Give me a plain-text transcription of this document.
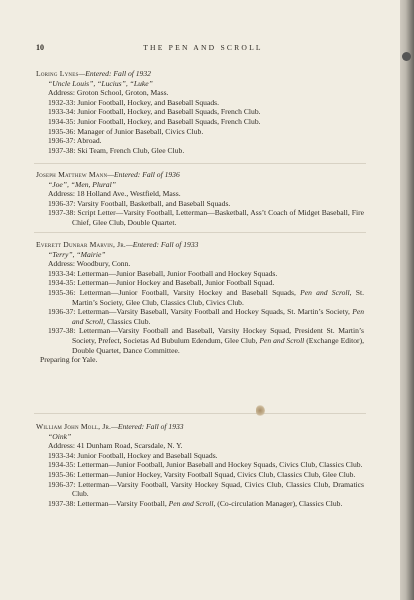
10	THE PEN AND SCROLL

Loring Lynes—Entered: Fall of 1932

“Uncle Louis”, “Lucius”, “Luke”

Address: Groton School, Groton, Mass.

1932-33: Junior Football, Hockey, and Baseball Squads.

1933-34: Junior Football, Hockey, and Baseball Squads, French Club.

1934-35: Junior Football, Hockey, and Baseball Squads, French Club.

1935-36: Manager of Junior Baseball, Civics Club.

1936-37: Abroad.

1937-38: Ski Team, French Club, Glee Club.

Joseph Matthew Mann—Entered: Fall of 1936

“Joe”, “Men, Plural”

Address: 18 Holland Ave., Westfield, Mass.

1936-37: Varsity Football, Basketball, and Baseball Squads.

1937-38: Script Letter—Varsity Football, Letterman—Basketball, Ass’t Coach of Midget Baseball, Fire Chief, Glee Club, Double Quartet.

Everett Dunbar Marvin, Jr.—Entered: Fall of 1933

“Terry”, “Mairie”

Address: Woodbury, Conn.

1933-34: Letterman—Junior Baseball, Junior Football and Hockey Squads.

1934-35: Letterman—Junior Hockey and Baseball, Junior Football Squad.

1935-36: Letterman—Junior Football, Varsity Hockey and Baseball Squads, Pen and Scroll, St. Martin’s Society, Glee Club, Classics Club, Civics Club.

1936-37: Letterman—Varsity Baseball, Varsity Football and Hockey Squads, St. Martin’s Society, Pen and Scroll, Classics Club.

1937-38: Letterman—Varsity Football and Baseball, Varsity Hockey Squad, President St. Martin’s Society, Prefect, Societas Ad Bubulum Edendum, Glee Club, Pen and Scroll (Exchange Editor), Double Quartet, Dance Committee.

Preparing for Yale.

William John Moll, Jr.—Entered: Fall of 1933

“Oink”

Address: 41 Dunham Road, Scarsdale, N. Y.

1933-34: Junior Football, Hockey and Baseball Squads.

1934-35: Letterman—Junior Football, Junior Baseball and Hockey Squads, Civics Club, Classics Club.

1935-36: Letterman—Junior Hockey, Varsity Football Squad, Civics Club, Classics Club, Glee Club.

1936-37: Letterman—Varsity Football, Varsity Hockey Squad, Civics Club, Classics Club, Dramatics Club.

1937-38: Letterman—Varsity Football, Pen and Scroll, (Co-circulation Manager), Classics Club.
